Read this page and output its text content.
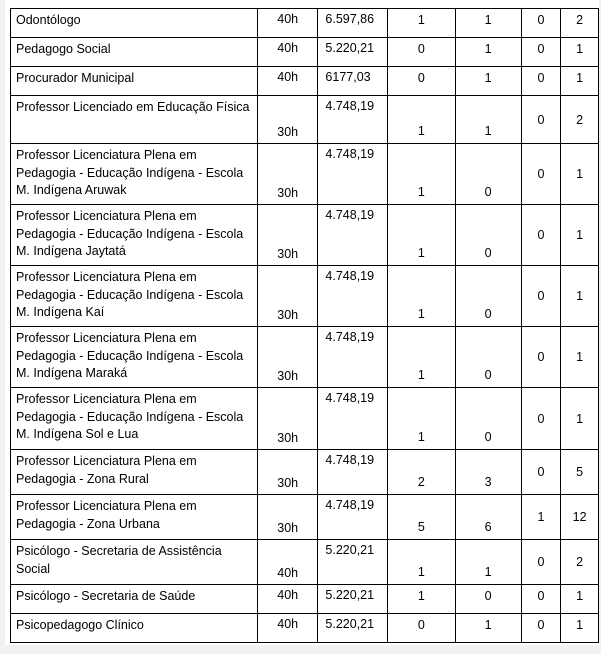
Odontólogo	40h	6.597,86	1	1	0	2
Pedagogo Social	40h	5.220,21	0	1	0	1
Procurador Municipal	40h	6177,03	0	1	0	1
Professor Licenciado em Educação Física	30h	4.748,19	1	1	0	2
Professor Licenciatura Plena em Pedagogia - Educação Indígena - Escola M. Indígena Aruwak	30h	4.748,19	1	0	0	1
Professor Licenciatura Plena em Pedagogia - Educação Indígena - Escola M. Indígena Jaytatá	30h	4.748,19	1	0	0	1
Professor Licenciatura Plena em Pedagogia - Educação Indígena - Escola M. Indígena Kaí	30h	4.748,19	1	0	0	1
Professor Licenciatura Plena em Pedagogia - Educação Indígena - Escola M. Indígena Maraká	30h	4.748,19	1	0	0	1
Professor Licenciatura Plena em Pedagogia - Educação Indígena - Escola M. Indígena Sol e Lua	30h	4.748,19	1	0	0	1
Professor Licenciatura Plena em Pedagogia - Zona Rural	30h	4.748,19	2	3	0	5
Professor Licenciatura Plena em Pedagogia - Zona Urbana	30h	4.748,19	5	6	1	12
Psicólogo - Secretaria de Assistência Social	40h	5.220,21	1	1	0	2
Psicólogo - Secretaria de Saúde	40h	5.220,21	1	0	0	1
Psicopedagogo Clínico	40h	5.220,21	0	1	0	1
